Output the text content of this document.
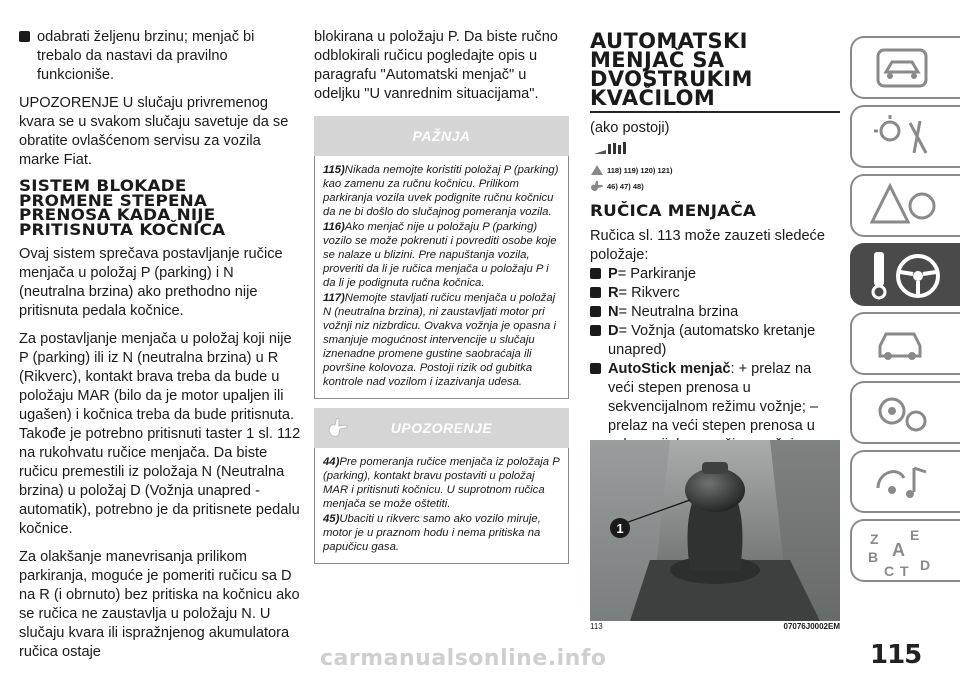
odabrati željenu brzinu; menjač bi trebalo da nastavi da pravilno funkcioniše.

UPOZORENJE U slučaju privremenog kvara se u svakom slučaju savetuje da se obratite ovlašćenom servisu za vozila marke Fiat.

SISTEM BLOKADE
PROMENE STEPENA
PRENOSA KADA NIJE
PRITISNUTA KOČNICA

Ovaj sistem sprečava postavljanje ručice menjača u položaj P (parking) i N (neutralna brzina) ako prethodno nije pritisnuta pedala kočnice.

Za postavljanje menjača u položaj koji nije P (parking) ili iz N (neutralna brzina) u R (Rikverc), kontakt brava treba da bude u položaju MAR (bilo da je motor upaljen ili ugašen) i kočnica treba da bude pritisnuta. Takođe je potrebno pritisnuti taster 1 sl. 112 na rukohvatu ručice menjača. Da biste ručicu premestili iz položaja N (Neutralna brzina) u položaj D (Vožnja unapred - automatik), potrebno je da pritisnete pedalu kočnice.

Za olakšanje manevrisanja prilikom parkiranja, moguće je pomeriti ručicu sa D na R (i obrnuto) bez pritiska na kočnicu ako se ručica ne zaustavlja u položaju N. U slučaju kvara ili ispražnjenog akumulatora ručica ostaje

blokirana u položaju P. Da biste ručno odblokirali ručicu pogledajte opis u paragrafu "Automatski menjač" u odeljku "U vanrednim situacijama".

PAŽNJA
115)Nikada nemojte koristiti položaj P (parking) kao zamenu za ručnu kočnicu. Prilikom parkiranja vozila uvek podignite ručnu kočnicu da ne bi došlo do slučajnog pomeranja vozila.
116)Ako menjač nije u položaju P (parking) vozilo se može pokrenuti i povrediti osobe koje se nalaze u blizini. Pre napuštanja vozila, proveriti da li je ručica menjača u položaju P i da li je podignuta ručna kočnica.
117)Nemojte stavljati ručicu menjača u položaj N (neutralna brzina), ni zaustavljati motor pri vožnji niz nizbrdicu. Ovakva vožnja je opasna i smanjuje mogućnost intervencije u slučaju iznenadne promene gustine saobraćaja ili površine kolovoza. Postoji rizik od gubitka kontrole nad vozilom i izazivanja udesa.
UPOZORENJE
44)Pre pomeranja ručice menjača iz položaja P (parking), kontakt bravu postaviti u položaj MAR i pritisnuti kočnicu. U suprotnom ručica menjača se može oštetiti.
45)Ubaciti u rikverc samo ako vozilo miruje, motor je u praznom hodu i nema pritiska na papučicu gasa.
AUTOMATSKI
MENJAČ SA
DVOSTRUKIM
KVAČILOM

(ako postoji)

118) 119) 120) 121)
46) 47) 48)
RUČICA MENJAČA

Ručica sl. 113 može zauzeti sledeće položaje:

P= Parkiranje
R= Rikverc
N= Neutralna brzina
D= Vožnja (automatsko kretanje unapred)
AutoStick menjač: + prelaz na veći stepen prenosa u sekvencijalnom režimu vožnje; – prelaz na veći stepen prenosa u
1
113	07076J0002EM
Z E
B A
C T D
115
carmanualsonline.info
